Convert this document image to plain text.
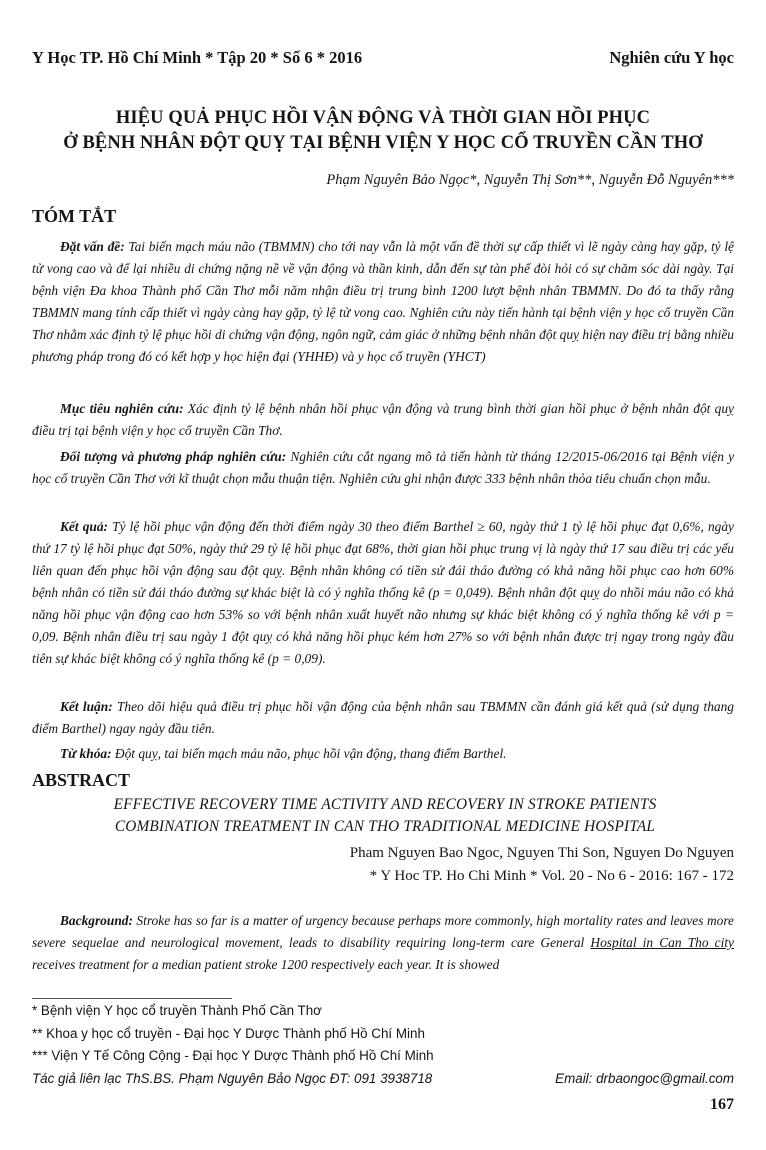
Y Học TP. Hồ Chí Minh * Tập 20 * Số 6 * 2016	Nghiên cứu Y học
HIỆU QUẢ PHỤC HỒI VẬN ĐỘNG VÀ THỜI GIAN HỒI PHỤC
Ở BỆNH NHÂN ĐỘT QUỴ TẠI BỆNH VIỆN Y HỌC CỔ TRUYỀN CẦN THƠ
Phạm Nguyên Bảo Ngọc*, Nguyễn Thị Sơn**, Nguyễn Đỗ Nguyên***
TÓM TẮT
Đặt vấn đề: Tai biến mạch máu não (TBMMN) cho tới nay vẫn là một vấn đề thời sự cấp thiết vì lẽ ngày càng hay gặp, tỷ lệ tử vong cao và để lại nhiều di chứng nặng nề về vận động và thần kinh, dẫn đến sự tàn phế đòi hỏi có sự chăm sóc dài ngày. Tại bệnh viện Đa khoa Thành phố Cần Thơ mỗi năm nhận điều trị trung bình 1200 lượt bệnh nhân TBMMN. Do đó ta thấy rằng TBMMN mang tính cấp thiết vì ngày càng hay gặp, tỷ lệ tử vong cao. Nghiên cứu này tiến hành tại bệnh viện y học cổ truyền Cần Thơ nhằm xác định tỷ lệ phục hồi di chứng vận động, ngôn ngữ, cảm giác ở những bệnh nhân đột quỵ hiện nay điều trị bằng nhiều phương pháp trong đó có kết hợp y học hiện đại (YHHĐ) và y học cổ truyền (YHCT)
Mục tiêu nghiên cứu: Xác định tỷ lệ bệnh nhân hồi phục vận động và trung bình thời gian hồi phục ở bệnh nhân đột quỵ điều trị tại bệnh viện y học cổ truyền Cần Thơ.
Đối tượng và phương pháp nghiên cứu: Nghiên cứu cắt ngang mô tả tiến hành từ tháng 12/2015-06/2016 tại Bệnh viện y học cổ truyền Cần Thơ với kĩ thuật chọn mẫu thuận tiện. Nghiên cứu ghi nhận được 333 bệnh nhân thỏa tiêu chuẩn chọn mẫu.
Kết quả: Tỷ lệ hồi phục vận động đến thời điểm ngày 30 theo điểm Barthel ≥ 60, ngày thứ 1 tỷ lệ hồi phục đạt 0,6%, ngày thứ 17 tỷ lệ hồi phục đạt 50%, ngày thứ 29 tỷ lệ hồi phục đạt 68%, thời gian hồi phục trung vị là ngày thứ 17 sau điều trị các yếu liên quan đến phục hồi vận động sau đột quỵ. Bệnh nhân không có tiền sử đái tháo đường có khả năng hồi phục cao hơn 60% bệnh nhân có tiền sử đái tháo đường sự khác biệt là có ý nghĩa thống kê (p = 0,049). Bệnh nhân đột quỵ do nhồi máu não có khả năng hồi phục vận động cao hơn 53% so với bệnh nhân xuất huyết não nhưng sự khác biệt không có ý nghĩa thống kê với p = 0,09. Bệnh nhân điều trị sau ngày 1 đột quỵ có khả năng hồi phục kém hơn 27% so với bệnh nhân được trị ngay trong ngày đầu tiên sự khác biệt không có ý nghĩa thống kê (p = 0,09).
Kết luận: Theo dõi hiệu quả điều trị phục hồi vận động của bệnh nhân sau TBMMN cần đánh giá kết quả (sử dụng thang điểm Barthel) ngay ngày đầu tiên.
Từ khóa: Đột quỵ, tai biến mạch máu não, phục hồi vận động, thang điểm Barthel.
ABSTRACT
EFFECTIVE RECOVERY TIME ACTIVITY AND RECOVERY IN STROKE PATIENTS
COMBINATION TREATMENT IN CAN THO TRADITIONAL MEDICINE HOSPITAL
Pham Nguyen Bao Ngoc, Nguyen Thi Son, Nguyen Do Nguyen
* Y Hoc TP. Ho Chi Minh * Vol. 20 - No 6 - 2016: 167 - 172
Background: Stroke has so far is a matter of urgency because perhaps more commonly, high mortality rates and leaves more severe sequelae and neurological movement, leads to disability requiring long-term care General Hospital in Can Tho city receives treatment for a median patient stroke 1200 respectively each year. It is showed
* Bệnh viện Y học cổ truyền Thành Phố Cần Thơ
** Khoa y học cổ truyền - Đại học Y Dược Thành phố Hồ Chí Minh
*** Viện Y Tế Công Cộng - Đại học Y Dược Thành phố Hồ Chí Minh
Tác giả liên lạc ThS.BS. Phạm Nguyên Bảo Ngọc ĐT: 091 3938718	Email: drbaongoc@gmail.com
167
